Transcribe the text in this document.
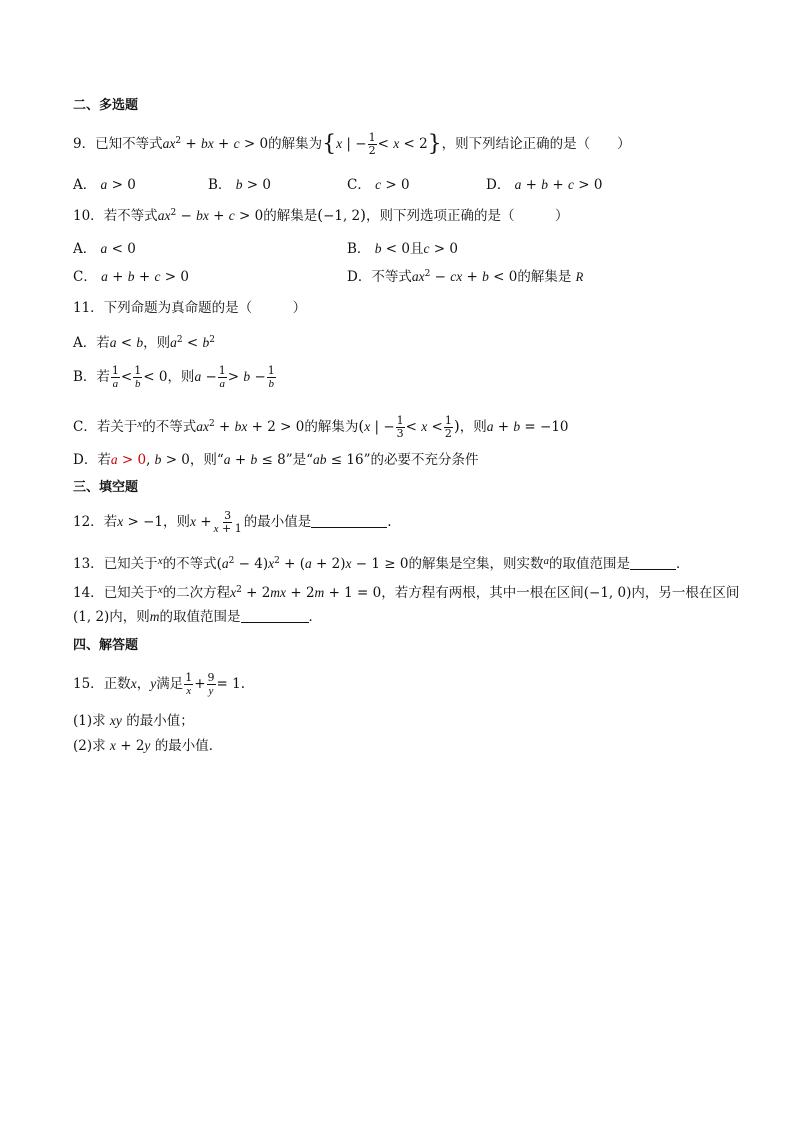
二、多选题
9．已知不等式$ax^2$ + bx + c > 0的解集为{x | − $\frac{1}{2} < x < 2$}，则下列结论正确的是（　　）
A． a > 0	B． b > 0	C． c > 0	D． a + b + c > 0
10．若不等式$ax^2$ − bx + c > 0的解集是(−1, 2)，则下列选项正确的是（　　　）
A． a < 0	B． b < 0且c > 0
C． a + b + c > 0	D．不等式$ax^2$ − cx + b < 0的解集是 R
11．下列命题为真命题的是（　　　）
A．若a < b，则$a^2 < b^2$
B．若 $\frac{1}{a} < \frac{1}{b} < 0$，则$a - \frac{1}{a} > b - \frac{1}{b}$
C．若关于$^x$的不等式$ax^2$ + bx + 2 > 0的解集为(x | − $\frac{1}{3} < x < \frac{1}{2}$ )，则a + b = −10
D．若a > 0, b > 0，则“a + b ≤ 8”是“ab ≤ 16”的必要不充分条件
三、填空题
12．若x > −1，则$x + \frac{3}{x + 1}$ 的最小值是	.
13．已知关于$^x$的不等式$(a^2 - 4)x^2 + (a + 2)x - 1 \ge 0$的解集是空集，则实数$^a$的取值范围是	．
14．已知关于$^x$的二次方程$x^2 + 2mx + 2m + 1 = 0$，若方程有两根，其中一根在区间(−1, 0)内，另一根在区间
(1, 2)内，则m的取值范围是	．
四、解答题
15．正数x，y满足 $\frac{1}{x} + \frac{9}{y} = 1$.
(1)求 xy 的最小值；
(2)求 x + 2y 的最小值．
